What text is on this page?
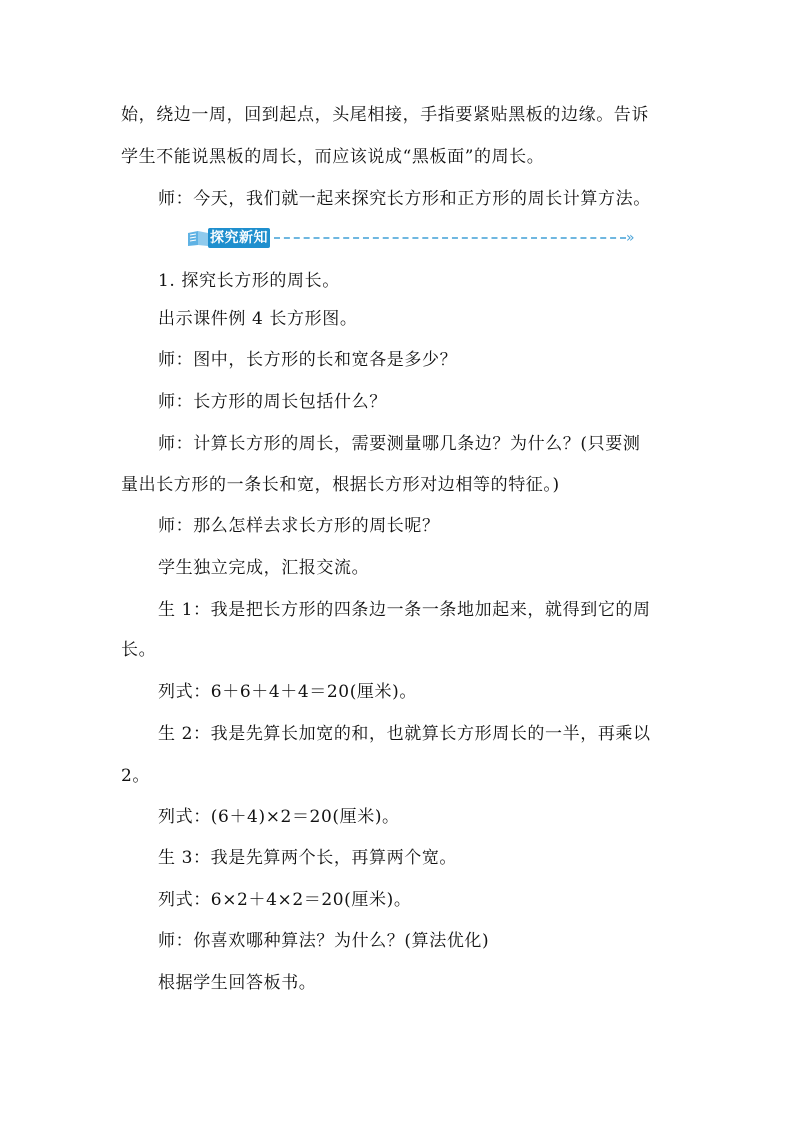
始，绕边一周，回到起点，头尾相接，手指要紧贴黑板的边缘。告诉
学生不能说黑板的周长，而应该说成“黑板面”的周长。
师：今天，我们就一起来探究长方形和正方形的周长计算方法。
探究新知	»
1. 探究长方形的周长。
出示课件例 4 长方形图。
师：图中，长方形的长和宽各是多少？
师：长方形的周长包括什么？
师：计算长方形的周长，需要测量哪几条边？为什么？(只要测
量出长方形的一条长和宽，根据长方形对边相等的特征。)
师：那么怎样去求长方形的周长呢？
学生独立完成，汇报交流。
生 1：我是把长方形的四条边一条一条地加起来，就得到它的周
长。
列式：6＋6＋4＋4＝20(厘米)。
生 2：我是先算长加宽的和，也就算长方形周长的一半，再乘以
2。
列式：(6＋4)×2＝20(厘米)。
生 3：我是先算两个长，再算两个宽。
列式：6×2＋4×2＝20(厘米)。
师：你喜欢哪种算法？为什么？(算法优化)
根据学生回答板书。
